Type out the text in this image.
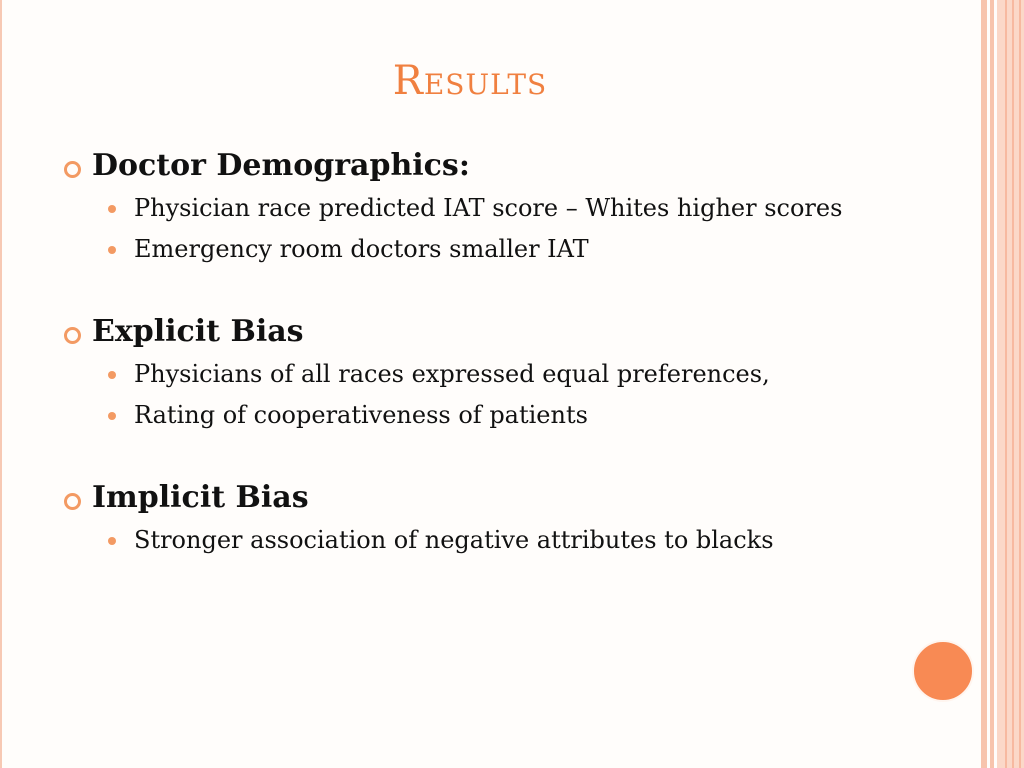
Results
Doctor Demographics:
Physician race predicted IAT score – Whites higher scores
Emergency room doctors smaller IAT
Explicit Bias
Physicians of all races expressed equal preferences,
Rating of cooperativeness of patients
Implicit Bias
Stronger association of negative attributes to blacks
